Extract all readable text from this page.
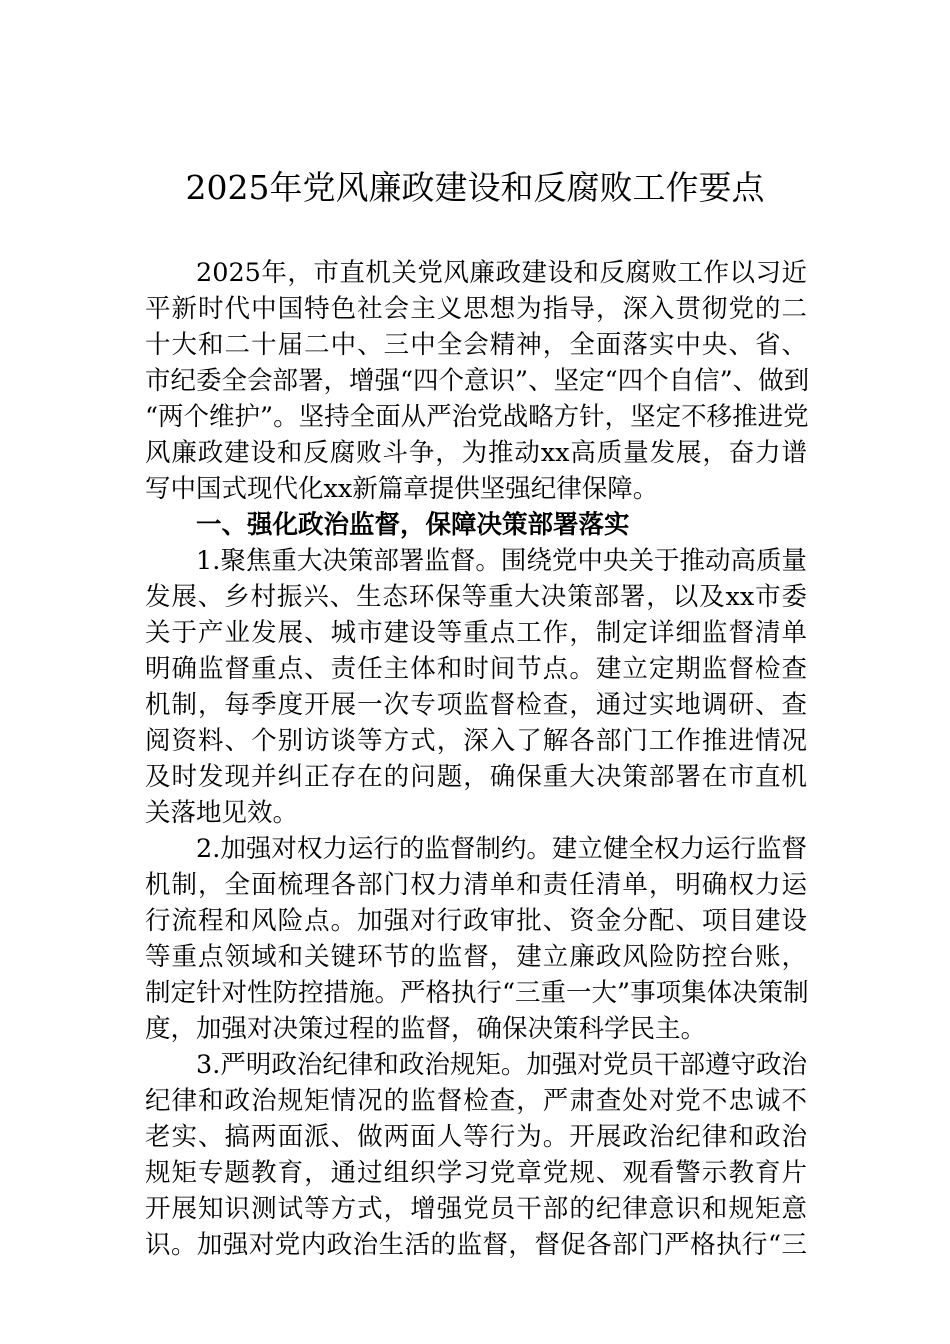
2025年党风廉政建设和反腐败工作要点
2025年，市直机关党风廉政建设和反腐败工作以习近
平新时代中国特色社会主义思想为指导，深入贯彻党的二
十大和二十届二中、三中全会精神，全面落实中央、省、
市纪委全会部署，增强“四个意识”、坚定“四个自信”、做到
“两个维护”。坚持全面从严治党战略方针，坚定不移推进党
风廉政建设和反腐败斗争，为推动xx高质量发展，奋力谱
写中国式现代化xx新篇章提供坚强纪律保障。
一、强化政治监督，保障决策部署落实
1.聚焦重大决策部署监督。围绕党中央关于推动高质量
发展、乡村振兴、生态环保等重大决策部署，以及xx市委
关于产业发展、城市建设等重点工作，制定详细监督清单
明确监督重点、责任主体和时间节点。建立定期监督检查
机制，每季度开展一次专项监督检查，通过实地调研、查
阅资料、个别访谈等方式，深入了解各部门工作推进情况
及时发现并纠正存在的问题，确保重大决策部署在市直机
关落地见效。
2.加强对权力运行的监督制约。建立健全权力运行监督
机制，全面梳理各部门权力清单和责任清单，明确权力运
行流程和风险点。加强对行政审批、资金分配、项目建设
等重点领域和关键环节的监督，建立廉政风险防控台账，
制定针对性防控措施。严格执行“三重一大”事项集体决策制
度，加强对决策过程的监督，确保决策科学民主。
3.严明政治纪律和政治规矩。加强对党员干部遵守政治
纪律和政治规矩情况的监督检查，严肃查处对党不忠诚不
老实、搞两面派、做两面人等行为。开展政治纪律和政治
规矩专题教育，通过组织学习党章党规、观看警示教育片
开展知识测试等方式，增强党员干部的纪律意识和规矩意
识。加强对党内政治生活的监督，督促各部门严格执行“三
